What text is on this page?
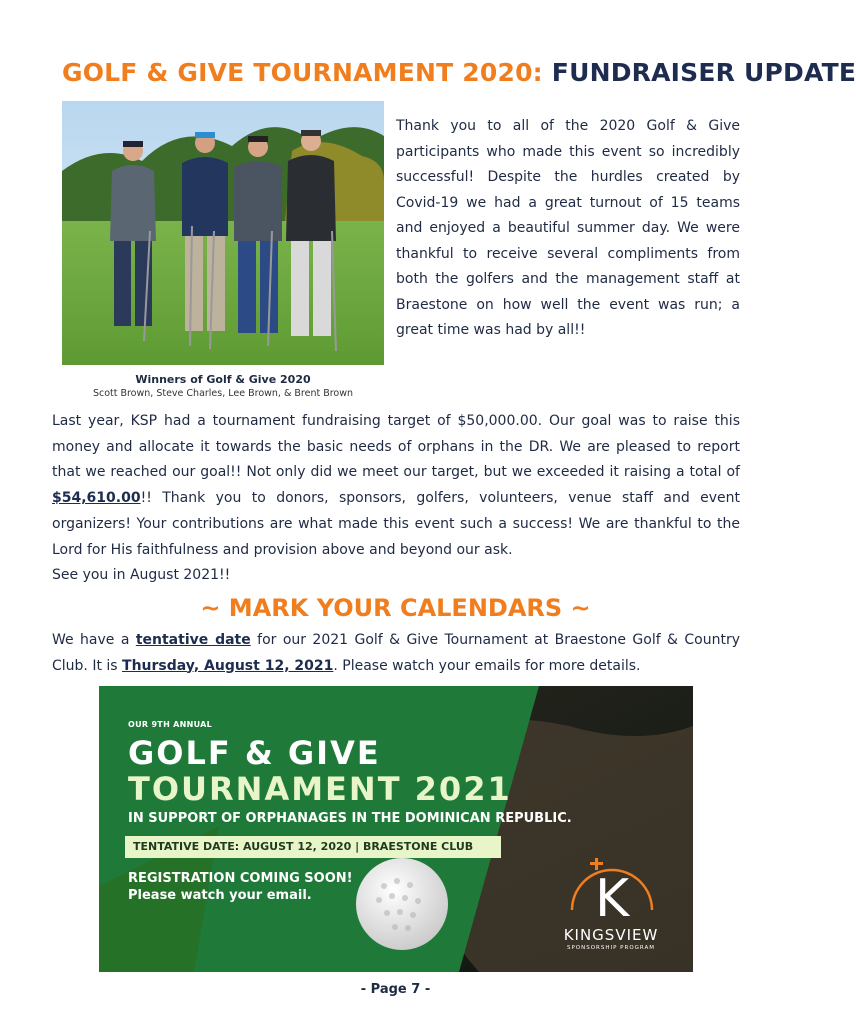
GOLF & GIVE TOURNAMENT 2020: FUNDRAISER UPDATE
Winners of Golf & Give 2020
Scott Brown, Steve Charles, Lee Brown, & Brent Brown

Thank you to all of the 2020 Golf & Give participants who made this event so incredibly successful! Despite the hurdles created by Covid-19 we had a great turnout of 15 teams and enjoyed a beautiful summer day. We were thankful to receive several compliments from both the golfers and the management staff at Braestone on how well the event was run; a great time was had by all!!

Last year, KSP had a tournament fundraising target of $50,000.00. Our goal was to raise this money and allocate it towards the basic needs of orphans in the DR. We are pleased to report that we reached our goal!! Not only did we meet our target, but we exceeded it raising a total of $54,610.00!! Thank you to donors, sponsors, golfers, volunteers, venue staff and event organizers! Your contributions are what made this event such a success! We are thankful to the Lord for His faithfulness and provision above and beyond our ask.
See you in August 2021!!

~ MARK YOUR CALENDARS ~

We have a tentative date for our 2021 Golf & Give Tournament at Braestone Golf & Country Club. It is Thursday, August 12, 2021. Please watch your emails for more details.

OUR 9TH ANNUAL
GOLF & GIVE
TOURNAMENT 2021
IN SUPPORT OF ORPHANAGES IN THE DOMINICAN REPUBLIC.
TENTATIVE DATE: AUGUST 12, 2020 | BRAESTONE CLUB
REGISTRATION COMING SOON!
Please watch your email.	K
KINGSVIEW
SPONSORSHIP PROGRAM
- Page 7 -
